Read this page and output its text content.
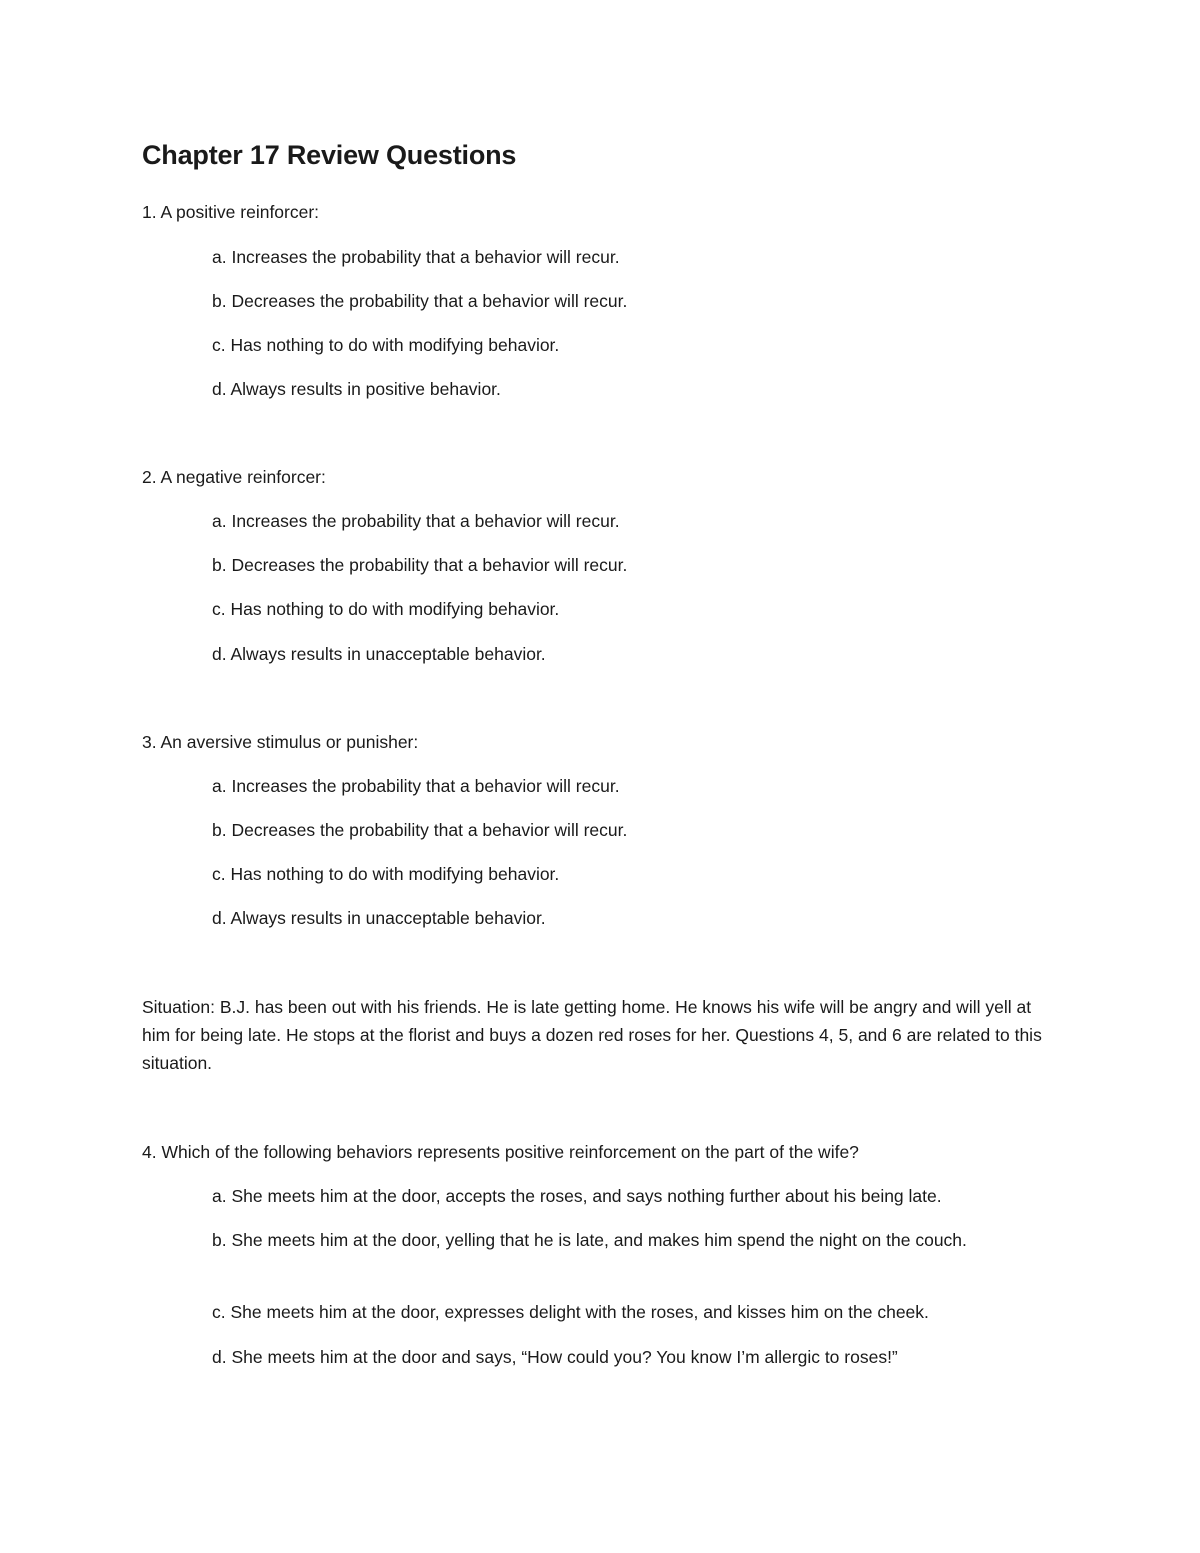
Chapter 17 Review Questions

1. A positive reinforcer:

a. Increases the probability that a behavior will recur.

b. Decreases the probability that a behavior will recur.

c. Has nothing to do with modifying behavior.

d. Always results in positive behavior.

2. A negative reinforcer:

a. Increases the probability that a behavior will recur.

b. Decreases the probability that a behavior will recur.

c. Has nothing to do with modifying behavior.

d. Always results in unacceptable behavior.

3. An aversive stimulus or punisher:

a. Increases the probability that a behavior will recur.

b. Decreases the probability that a behavior will recur.

c. Has nothing to do with modifying behavior.

d. Always results in unacceptable behavior.

Situation: B.J. has been out with his friends. He is late getting home. He knows his wife will be angry and will yell at him for being late. He stops at the florist and buys a dozen red roses for her. Questions 4, 5, and 6 are related to this situation.

4. Which of the following behaviors represents positive reinforcement on the part of the wife?

a. She meets him at the door, accepts the roses, and says nothing further about his being late.

b. She meets him at the door, yelling that he is late, and makes him spend the night on the couch.

c. She meets him at the door, expresses delight with the roses, and kisses him on the cheek.

d. She meets him at the door and says, “How could you? You know I’m allergic to roses!”
